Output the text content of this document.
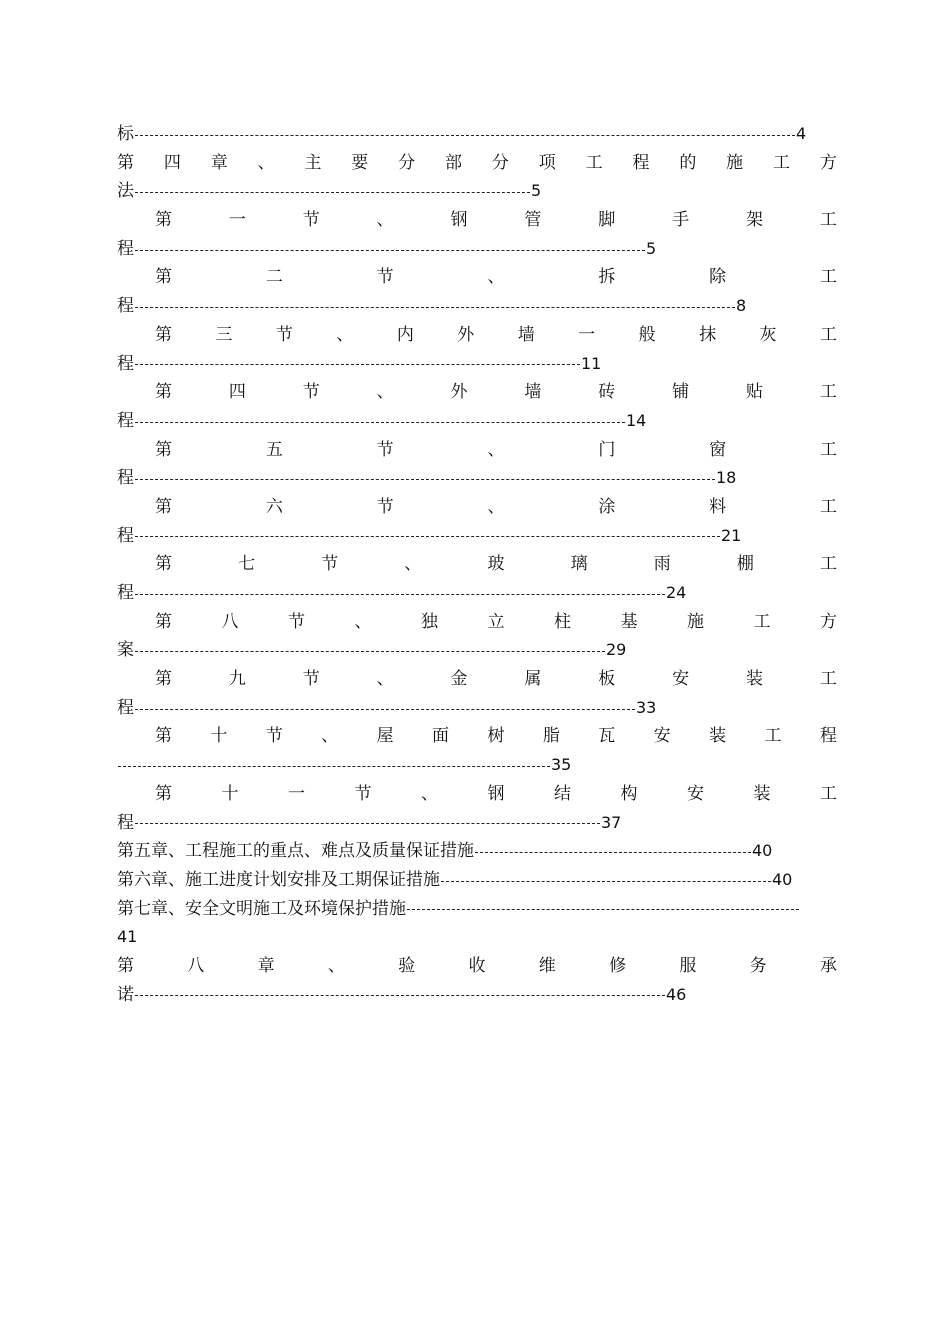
标	4
第 四 章 、 主 要 分 部 分 项 工 程 的 施 工 方
法	5
第	一	节	、	钢	管	脚	手	架	工
程	5
第	二	节	、	拆	除	工
程	8
第	三	节	、	内	外	墙	一	般	抹	灰	工
程	11
第	四	节	、	外	墙	砖	铺	贴	工
程	14
第	五	节	、	门	窗	工
程	18
第	六	节	、	涂	料	工
程	21
第	七	节	、	玻	璃	雨	棚	工
程	24
第	八	节	、	独	立	柱	基	施	工	方
案	29
第	九	节	、	金	属	板	安	装	工
程	33
第 十 节 、 屋 面 树 脂 瓦 安 装 工 程
35
第	十	一	节	、	钢	结	构	安	装	工
程	37
第五章、工程施工的重点、难点及质量保证措施	40
第六章、施工进度计划安排及工期保证措施	40
第七章、安全文明施工及环境保护措施
41
第	八	章	、	验	收	维	修	服	务	承
诺	46
